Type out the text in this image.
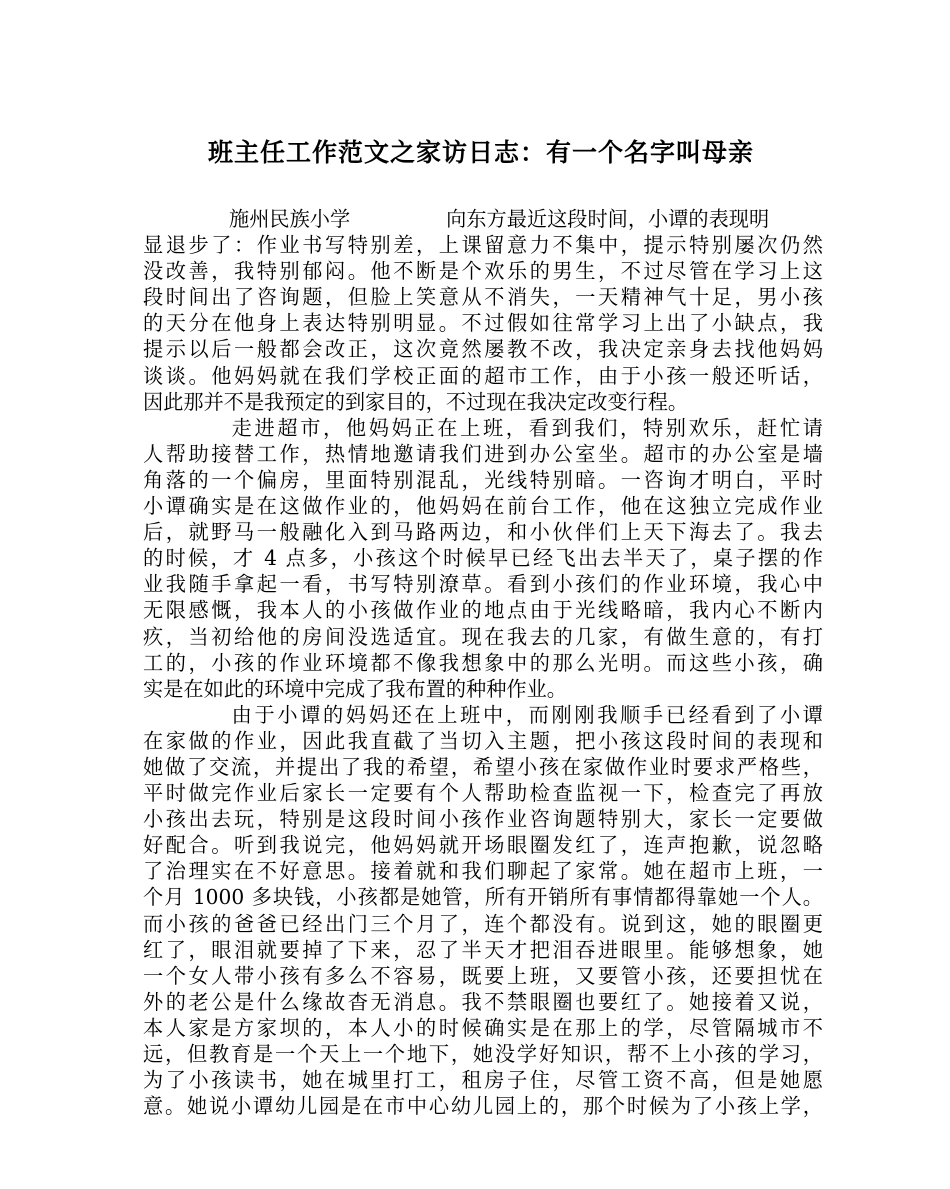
班主任工作范文之家访日志：有一个名字叫母亲
施州民族小学	向东方最近这段时间，小谭的表现明
显退步了：作业书写特别差，上课留意力不集中，提示特别屡次仍然
没改善，我特别郁闷。他不断是个欢乐的男生，不过尽管在学习上这
段时间出了咨询题，但脸上笑意从不消失，一天精神气十足，男小孩
的天分在他身上表达特别明显。不过假如往常学习上出了小缺点，我
提示以后一般都会改正，这次竟然屡教不改，我决定亲身去找他妈妈
谈谈。他妈妈就在我们学校正面的超市工作，由于小孩一般还听话，
因此那并不是我预定的到家目的，不过现在我决定改变行程。
走进超市，他妈妈正在上班，看到我们，特别欢乐，赶忙请
人帮助接替工作，热情地邀请我们进到办公室坐。超市的办公室是墙
角落的一个偏房，里面特别混乱，光线特别暗。一咨询才明白，平时
小谭确实是在这做作业的，他妈妈在前台工作，他在这独立完成作业
后，就野马一般融化入到马路两边，和小伙伴们上天下海去了。我去
的时候，才 4 点多，小孩这个时候早已经飞出去半天了，桌子摆的作
业我随手拿起一看，书写特别潦草。看到小孩们的作业环境，我心中
无限感慨，我本人的小孩做作业的地点由于光线略暗，我内心不断内
疚，当初给他的房间没选适宜。现在我去的几家，有做生意的，有打
工的，小孩的作业环境都不像我想象中的那么光明。而这些小孩，确
实是在如此的环境中完成了我布置的种种作业。
由于小谭的妈妈还在上班中，而刚刚我顺手已经看到了小谭
在家做的作业，因此我直截了当切入主题，把小孩这段时间的表现和
她做了交流，并提出了我的希望，希望小孩在家做作业时要求严格些，
平时做完作业后家长一定要有个人帮助检查监视一下，检查完了再放
小孩出去玩，特别是这段时间小孩作业咨询题特别大，家长一定要做
好配合。听到我说完，他妈妈就开场眼圈发红了，连声抱歉，说忽略
了治理实在不好意思。接着就和我们聊起了家常。她在超市上班，一
个月 1000 多块钱，小孩都是她管，所有开销所有事情都得靠她一个人。
而小孩的爸爸已经出门三个月了，连个都没有。说到这，她的眼圈更
红了，眼泪就要掉了下来，忍了半天才把泪吞进眼里。能够想象，她
一个女人带小孩有多么不容易，既要上班，又要管小孩，还要担忧在
外的老公是什么缘故杳无消息。我不禁眼圈也要红了。她接着又说，
本人家是方家坝的，本人小的时候确实是在那上的学，尽管隔城市不
远，但教育是一个天上一个地下，她没学好知识，帮不上小孩的学习，
为了小孩读书，她在城里打工，租房子住，尽管工资不高，但是她愿
意。她说小谭幼儿园是在市中心幼儿园上的，那个时候为了小孩上学，
